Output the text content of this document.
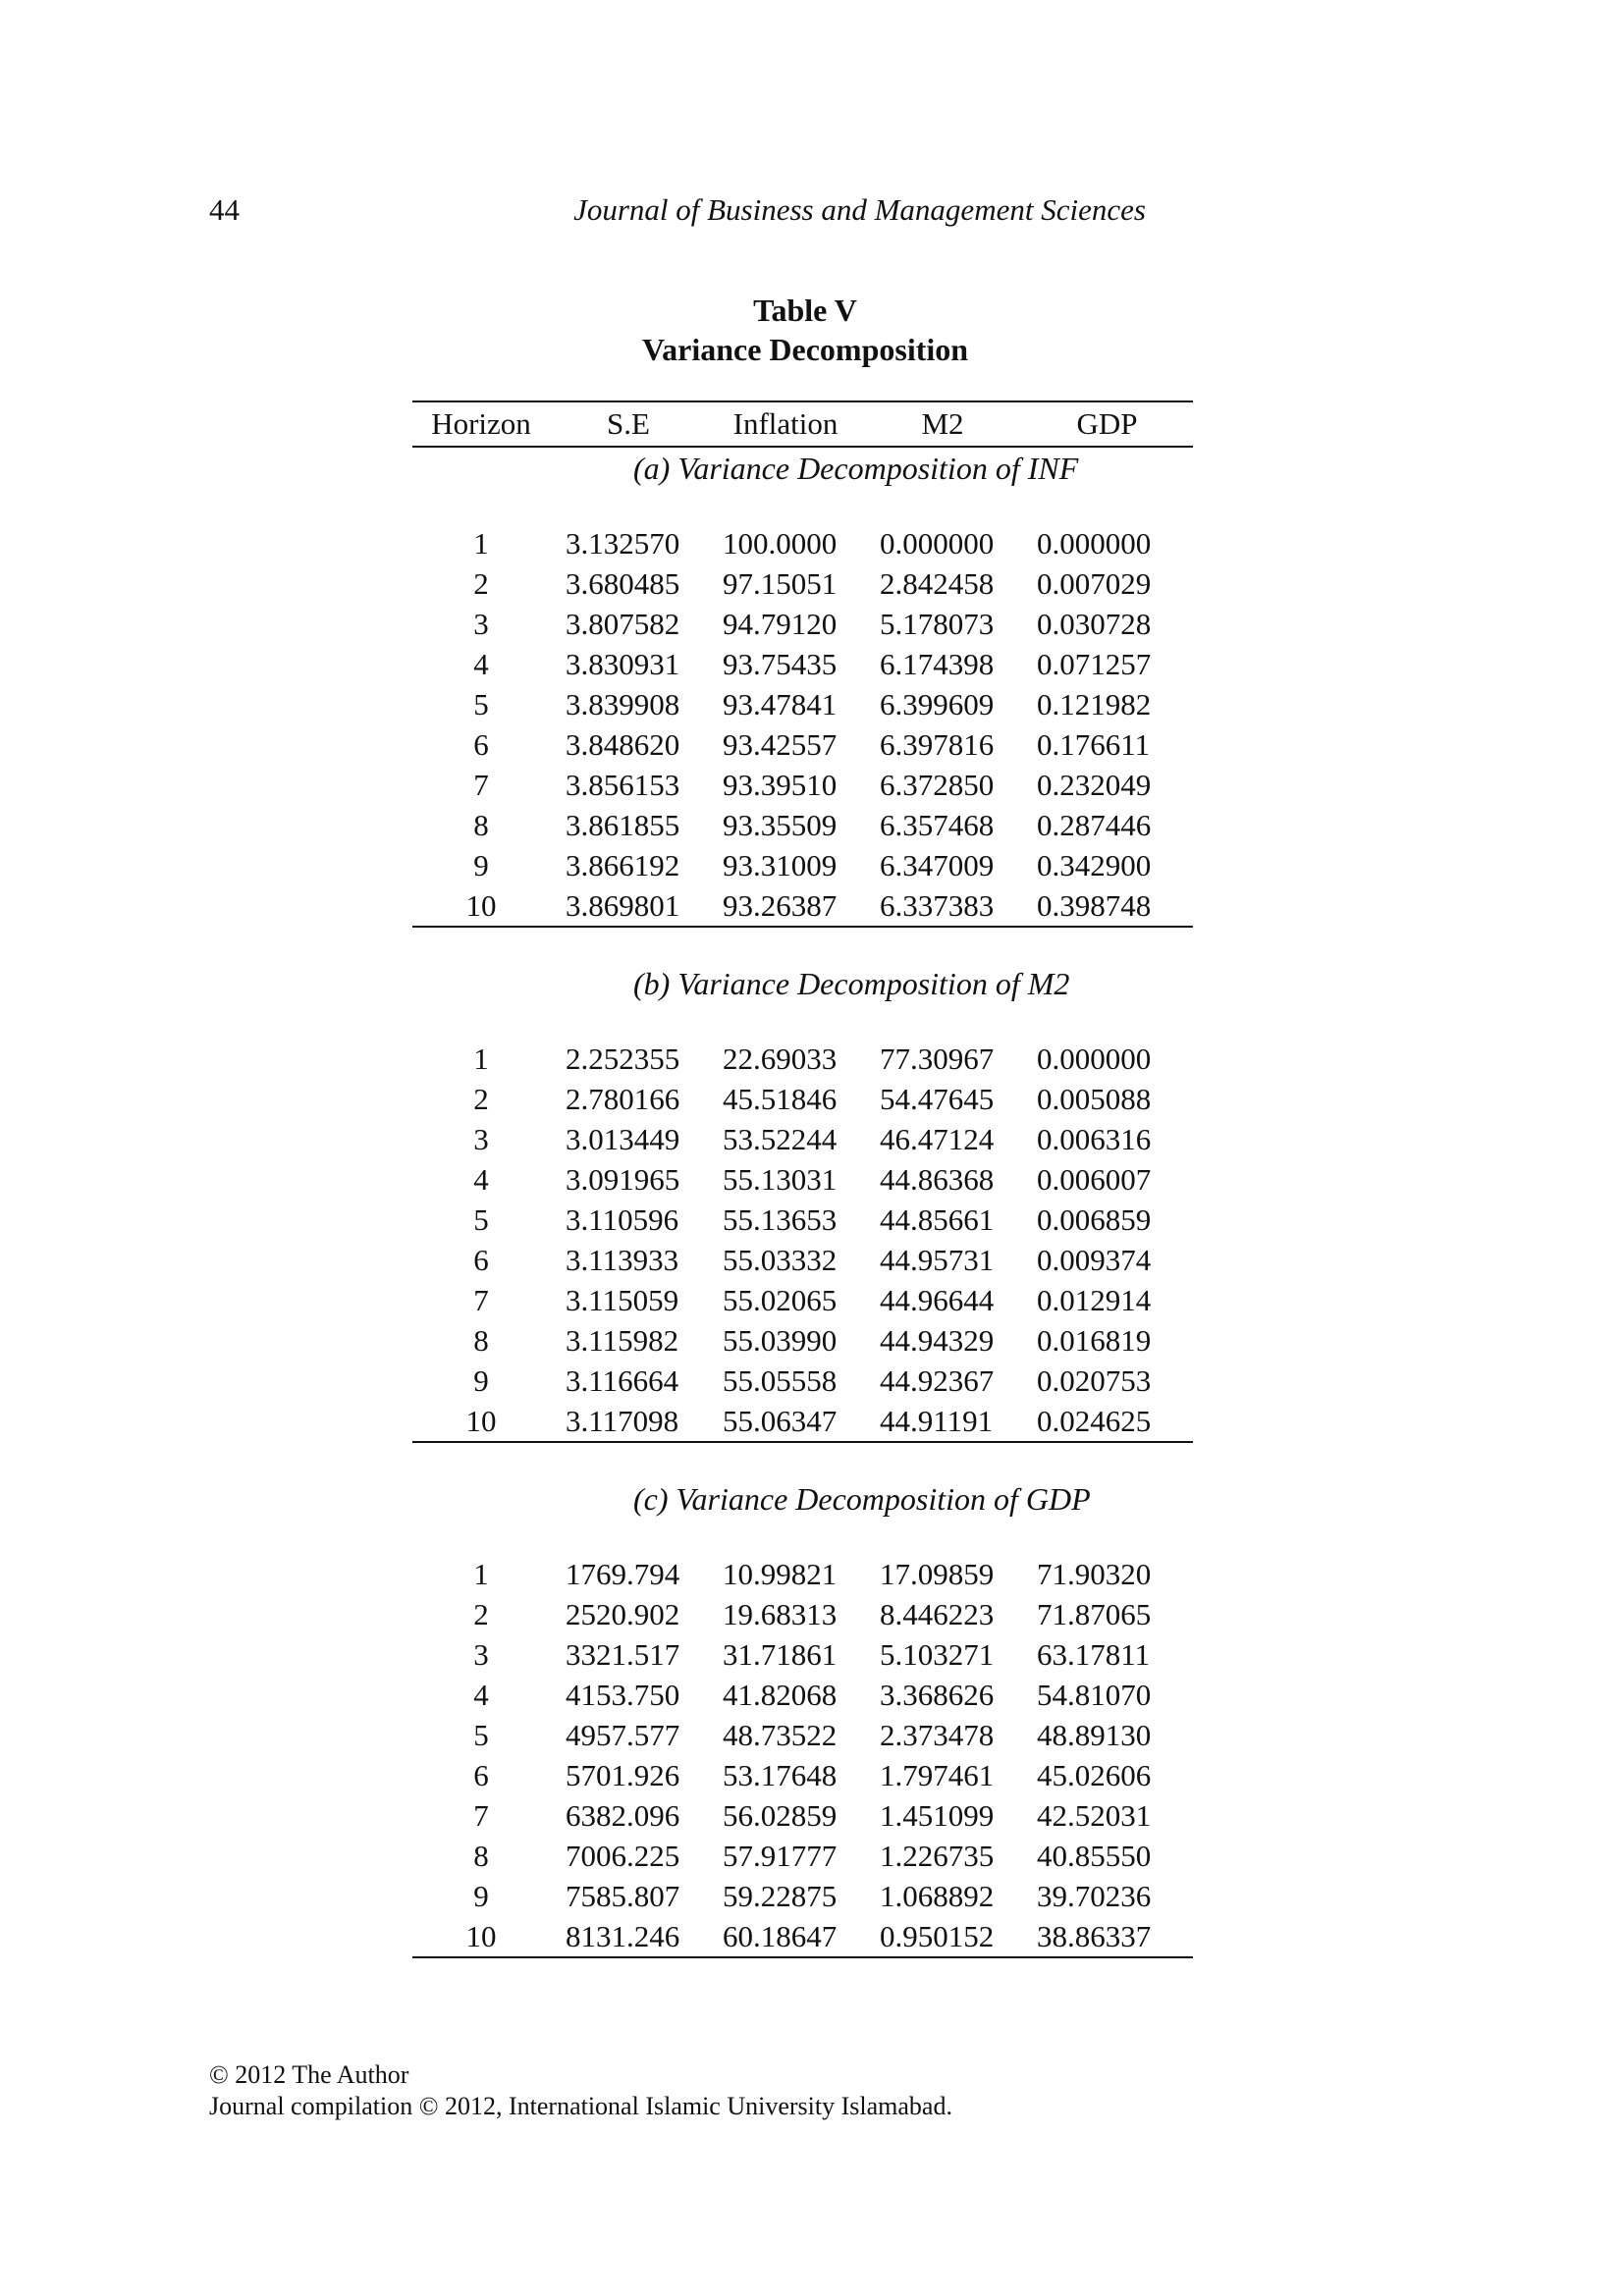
44	Journal of Business and Management Sciences
Table V
Variance Decomposition
Horizon	S.E	Inflation	M2	GDP
(a) Variance Decomposition of INF				

1	3.132570	100.0000	0.000000	0.000000
2	3.680485	97.15051	2.842458	0.007029
3	3.807582	94.79120	5.178073	0.030728
4	3.830931	93.75435	6.174398	0.071257
5	3.839908	93.47841	6.399609	0.121982
6	3.848620	93.42557	6.397816	0.176611
7	3.856153	93.39510	6.372850	0.232049
8	3.861855	93.35509	6.357468	0.287446
9	3.866192	93.31009	6.347009	0.342900
10	3.869801	93.26387	6.337383	0.398748

(b) Variance Decomposition of M2				

1	2.252355	22.69033	77.30967	0.000000
2	2.780166	45.51846	54.47645	0.005088
3	3.013449	53.52244	46.47124	0.006316
4	3.091965	55.13031	44.86368	0.006007
5	3.110596	55.13653	44.85661	0.006859
6	3.113933	55.03332	44.95731	0.009374
7	3.115059	55.02065	44.96644	0.012914
8	3.115982	55.03990	44.94329	0.016819
9	3.116664	55.05558	44.92367	0.020753
10	3.117098	55.06347	44.91191	0.024625

(c) Variance Decomposition of GDP				

1	1769.794	10.99821	17.09859	71.90320
2	2520.902	19.68313	8.446223	71.87065
3	3321.517	31.71861	5.103271	63.17811
4	4153.750	41.82068	3.368626	54.81070
5	4957.577	48.73522	2.373478	48.89130
6	5701.926	53.17648	1.797461	45.02606
7	6382.096	56.02859	1.451099	42.52031
8	7006.225	57.91777	1.226735	40.85550
9	7585.807	59.22875	1.068892	39.70236
10	8131.246	60.18647	0.950152	38.86337
© 2012 The Author
Journal compilation © 2012, International Islamic University Islamabad.
